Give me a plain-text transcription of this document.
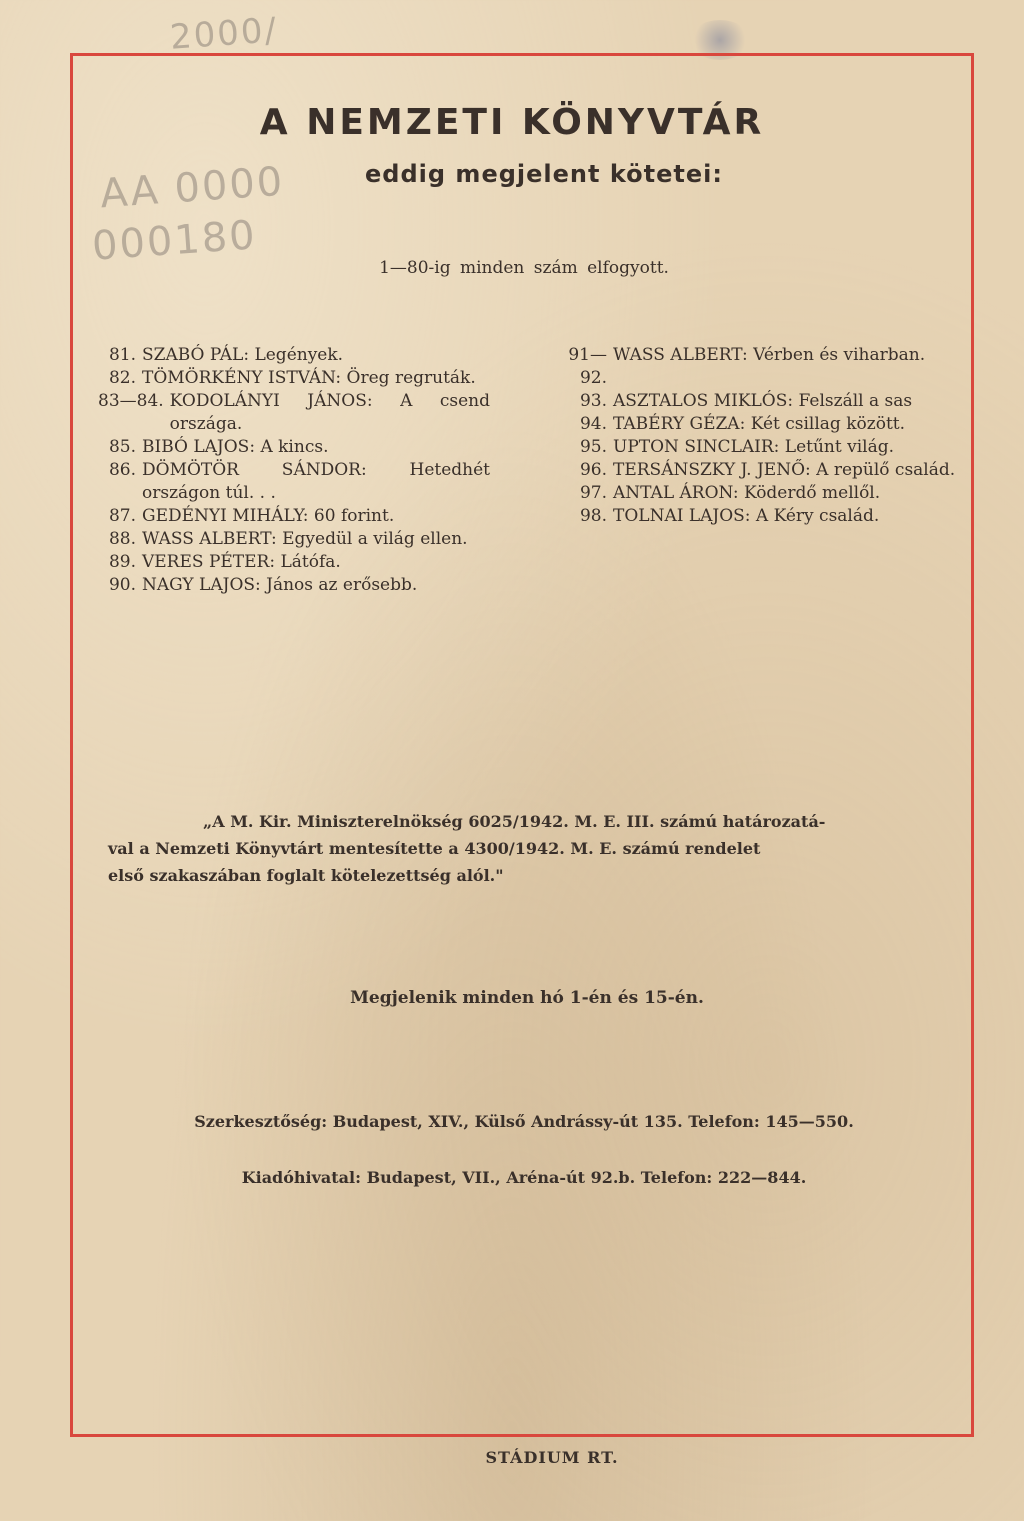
2000/
AA 0000
000180
A NEMZETI KÖNYVTÁR
eddig megjelent kötetei:
1—80-ig minden szám elfogyott.
81. SZABÓ PÁL: Legények.
82. TÖMÖRKÉNY ISTVÁN: Öreg regruták.
83—84. KODOLÁNYI JÁNOS: A csend országa.
85. BIBÓ LAJOS: A kincs.
86. DÖMÖTÖR SÁNDOR: Hetedhét országon túl. . .
87. GEDÉNYI MIHÁLY: 60 forint.
88. WASS ALBERT: Egyedül a világ ellen.
89. VERES PÉTER: Látófa.
90. NAGY LAJOS: János az erősebb.
91—92.
WASS ALBERT: Vérben és viharban.
93. ASZTALOS MIKLÓS: Felszáll a sas
94. TABÉRY GÉZA: Két csillag között.
95. UPTON SINCLAIR: Letűnt világ.
96. TERSÁNSZKY J. JENŐ: A repülő család.
97. ANTAL ÁRON: Köderdő mellől.
98. TOLNAI LAJOS: A Kéry család.
„A M. Kir. Miniszterelnökség 6025/1942. M. E. III. számú határozatá-
val a Nemzeti Könyvtárt mentesítette a 4300/1942. M. E. számú rendelet
első szakaszában foglalt kötelezettség alól."
Megjelenik minden hó 1-én és 15-én.
Szerkesztőség: Budapest, XIV., Külső Andrássy-út 135. Telefon: 145—550.
Kiadóhivatal: Budapest, VII., Aréna-út 92.b. Telefon: 222—844.
STÁDIUM RT.
